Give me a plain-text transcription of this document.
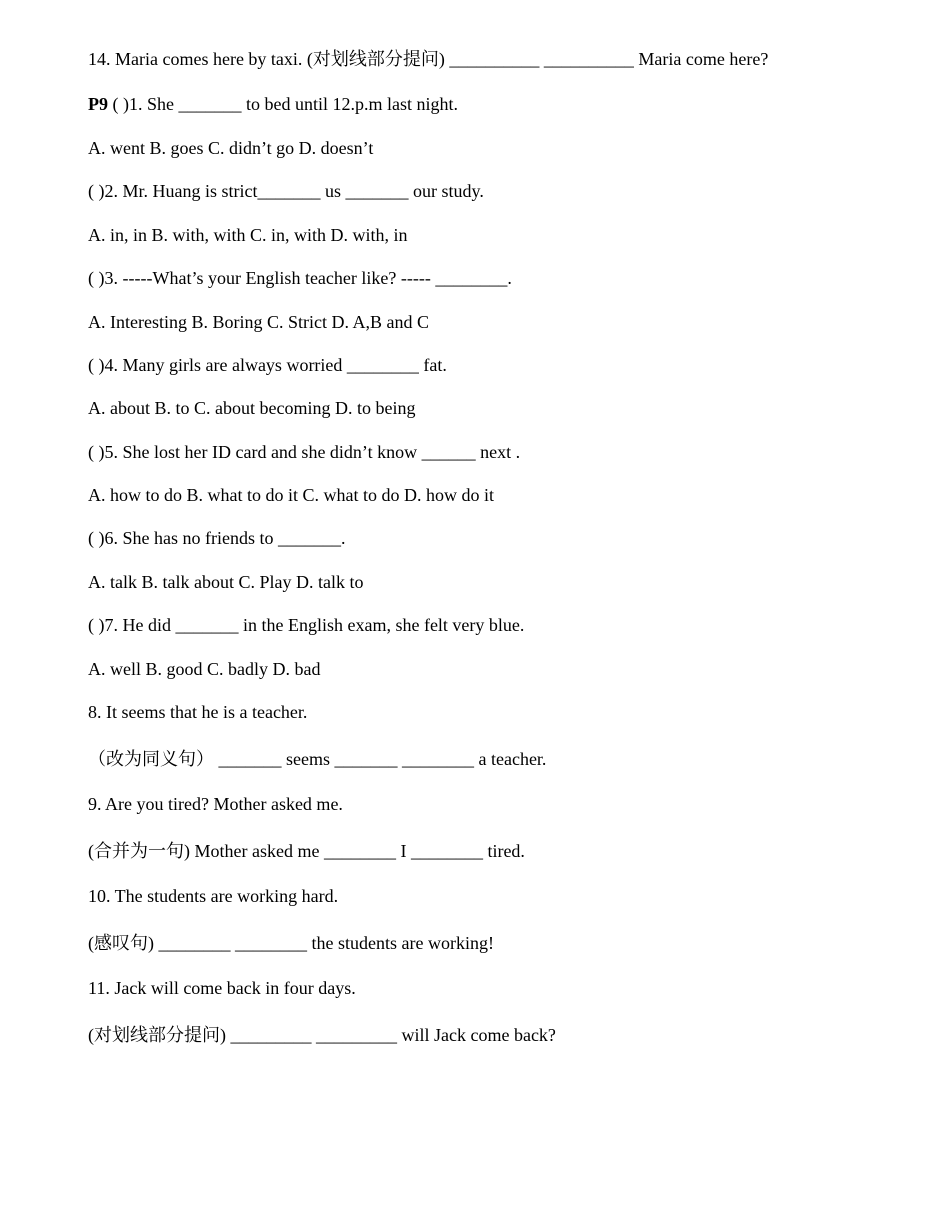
14. Maria comes here by taxi. (对划线部分提问) __________ __________ Maria come here?
P9 ( )1. She _______ to bed until 12.p.m last night.
A. went B. goes C. didn’t go D. doesn’t
( )2. Mr. Huang is strict_______ us _______ our study.
A. in, in B. with, with C. in, with D. with, in
( )3. -----What’s your English teacher like? ----- ________.
A. Interesting B. Boring C. Strict D. A,B and C
( )4. Many girls are always worried ________ fat.
A. about B. to C. about becoming D. to being
( )5. She lost her ID card and she didn’t know ______ next .
A. how to do B. what to do it C. what to do D. how do it
( )6. She has no friends to _______.
A. talk B. talk about C. Play D. talk to
( )7. He did _______ in the English exam, she felt very blue.
A. well B. good C. badly D. bad
8. It seems that he is a teacher.
（改为同义句） _______ seems _______ ________ a teacher.
9. Are you tired? Mother asked me.
(合并为一句) Mother asked me ________ I ________ tired.
10. The students are working hard.
(感叹句) ________ ________ the students are working!
11. Jack will come back in four days.
(对划线部分提问) _________ _________ will Jack come back?
